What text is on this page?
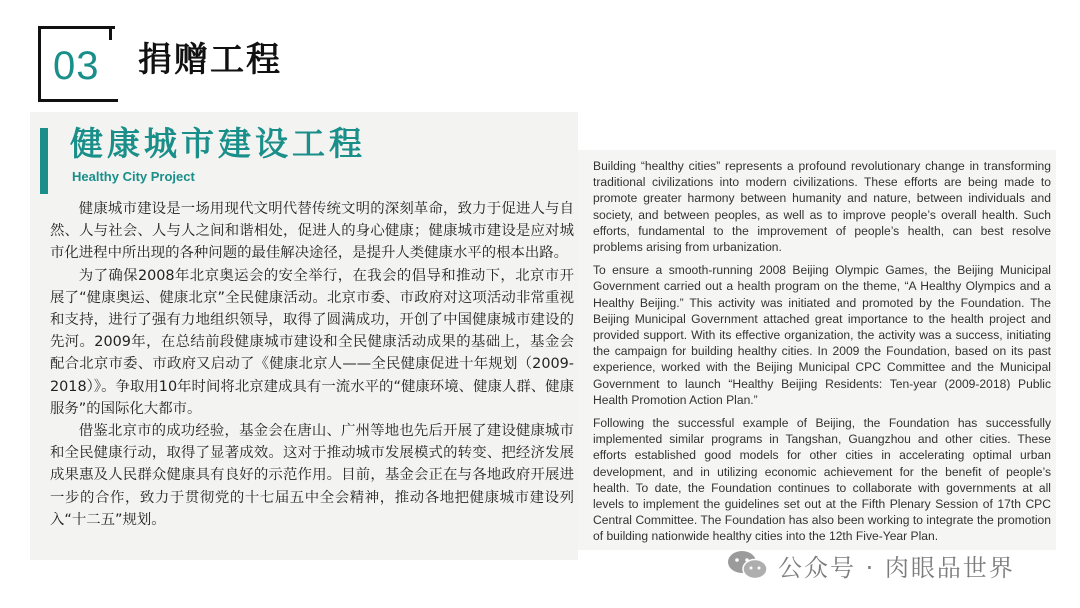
03 捐赠工程
健康城市建设工程
Healthy City Project

健康城市建设是一场用现代文明代替传统文明的深刻革命，致力于促进人与自然、人与社会、人与人之间和谐相处，促进人的身心健康；健康城市建设是应对城市化进程中所出现的各种问题的最佳解决途径，是提升人类健康水平的根本出路。

为了确保2008年北京奥运会的安全举行，在我会的倡导和推动下，北京市开展了“健康奥运、健康北京”全民健康活动。北京市委、市政府对这项活动非常重视和支持，进行了强有力地组织领导，取得了圆满成功，开创了中国健康城市建设的先河。2009年，在总结前段健康城市建设和全民健康活动成果的基础上，基金会配合北京市委、市政府又启动了《健康北京人——全民健康促进十年规划（2009-2018）》。争取用10年时间将北京建成具有一流水平的“健康环境、健康人群、健康服务”的国际化大都市。

借鉴北京市的成功经验，基金会在唐山、广州等地也先后开展了建设健康城市和全民健康行动，取得了显著成效。这对于推动城市发展模式的转变、把经济发展成果惠及人民群众健康具有良好的示范作用。目前，基金会正在与各地政府开展进一步的合作，致力于贯彻党的十七届五中全会精神，推动各地把健康城市建设列入“十二五”规划。

Building “healthy cities” represents a profound revolutionary change in transforming traditional civilizations into modern civilizations. These efforts are being made to promote greater harmony between humanity and nature, between individuals and society, and between peoples, as well as to improve people’s overall health. Such efforts, fundamental to the improvement of people’s health, can best resolve problems arising from urbanization.

To ensure a smooth-running 2008 Beijing Olympic Games, the Beijing Municipal Government carried out a health program on the theme, “A Healthy Olympics and a Healthy Beijing.” This activity was initiated and promoted by the Foundation. The Beijing Municipal Government attached great importance to the health project and provided support. With its effective organization, the activity was a success, initiating the campaign for building healthy cities. In 2009 the Foundation, based on its past experience, worked with the Beijing Municipal CPC Committee and the Municipal Government to launch “Healthy Beijing Residents: Ten-year (2009-2018) Public Health Promotion Action Plan.”

Following the successful example of Beijing, the Foundation has successfully implemented similar programs in Tangshan, Guangzhou and other cities. These efforts established good models for other cities in accelerating optimal urban development, and in utilizing economic achievement for the benefit of people’s health. To date, the Foundation continues to collaborate with governments at all levels to implement the guidelines set out at the Fifth Plenary Session of 17th CPC Central Committee. The Foundation has also been working to integrate the promotion of building nationwide healthy cities into the 12th Five-Year Plan.

公众号 · 肉眼品世界
